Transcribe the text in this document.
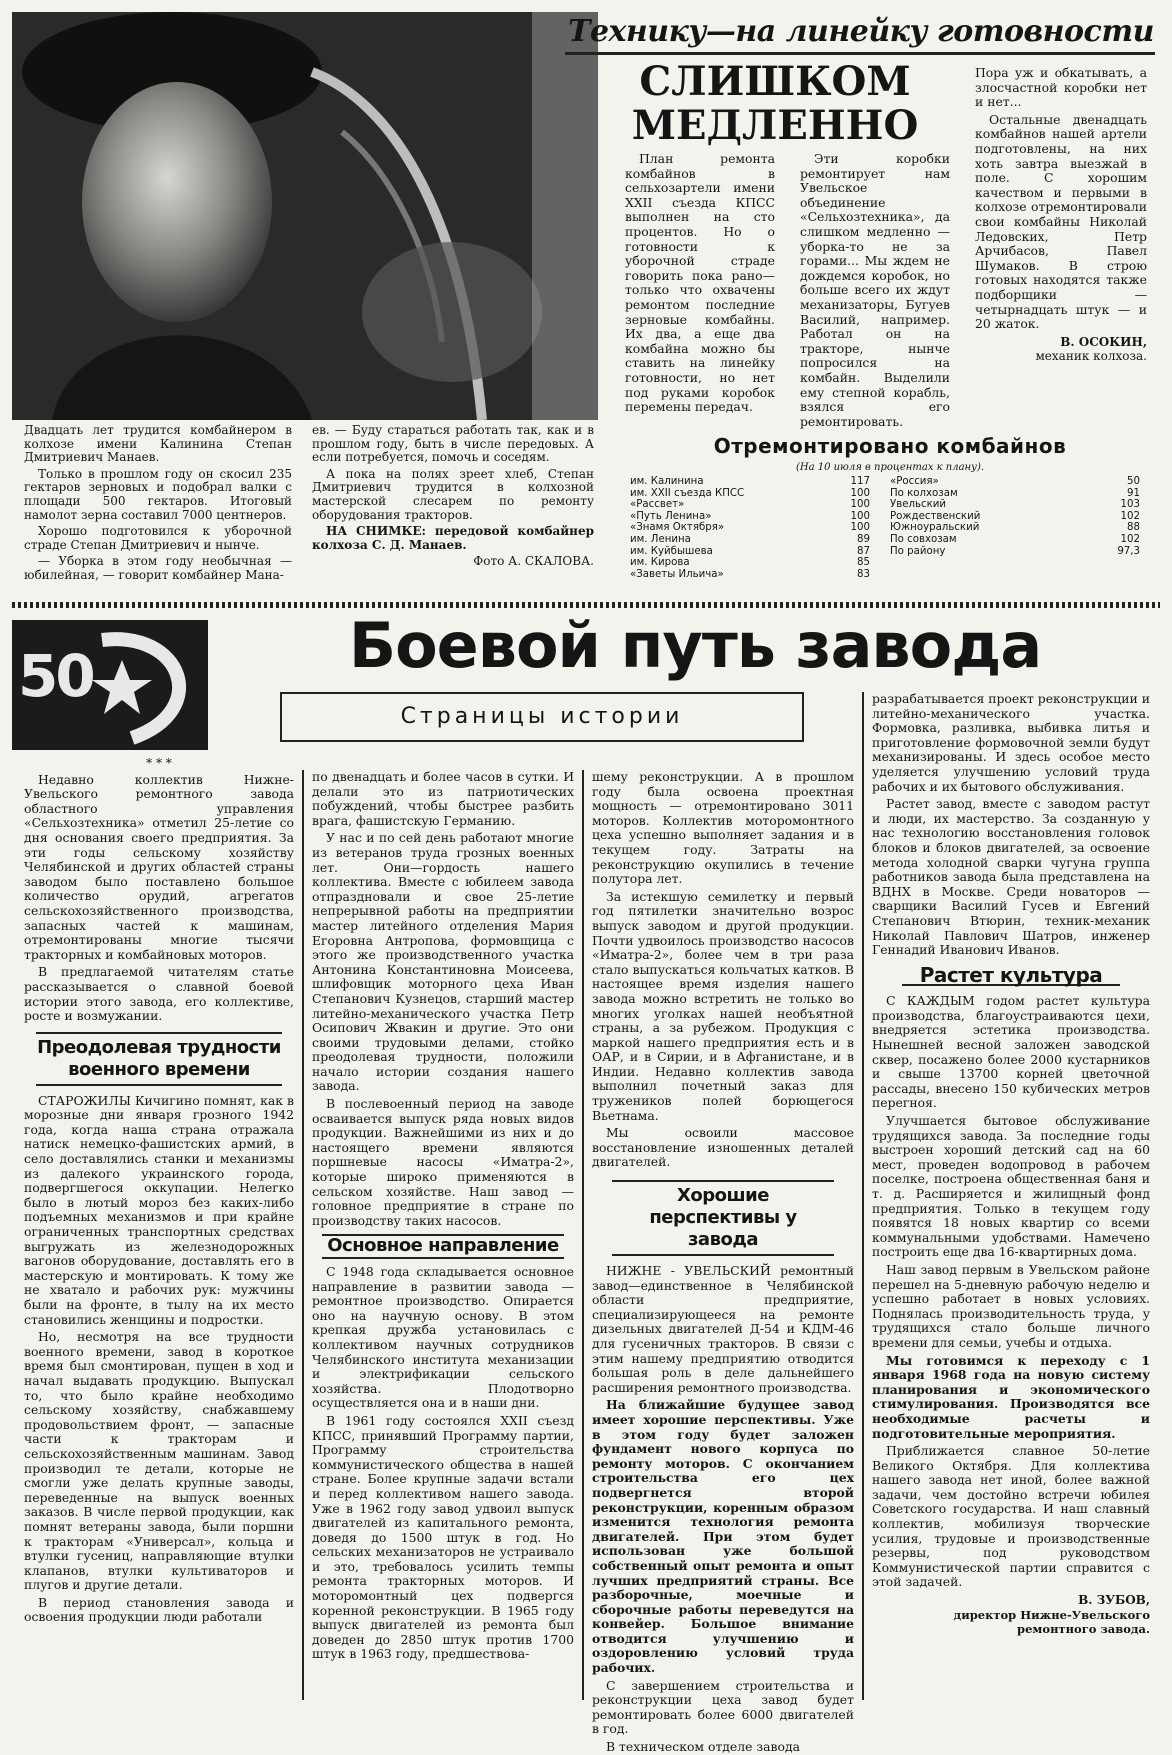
Технику—на линейку готовности
СЛИШКОМ МЕДЛЕННО

План ремонта комбайнов в сельхозартели имени XXII съезда КПСС выполнен на сто процентов. Но о готовности к уборочной страде говорить пока рано—только что охвачены ремонтом последние зерновые комбайны. Их два, а еще два комбайна можно бы ставить на линейку готовности, но нет под руками коробок перемены передач.

Эти коробки ремонтирует нам Увельское объединение «Сельхозтехника», да слишком медленно — уборка-то не за горами... Мы ждем не дождемся коробок, но больше всего их ждут механизаторы, Бугуев Василий, например. Работал он на тракторе, нынче попросился на комбайн. Выделили ему степной корабль, взялся его ремонтировать.

Пора уж и обкатывать, а злосчастной коробки нет и нет...

Остальные двенадцать комбайнов нашей артели подготовлены, на них хоть завтра выезжай в поле. С хорошим качеством и первыми в колхозе отремонтировали свои комбайны Николай Ледовских, Петр Арчибасов, Павел Шумаков. В строю готовых находятся также подборщики — четырнадцать штук — и 20 жаток.

В. ОСОКИН,
механик колхоза.

Двадцать лет трудится комбайнером в колхозе имени Калинина Степан Дмитриевич Манаев.

Только в прошлом году он скосил 235 гектаров зерновых и подобрал валки с площади 500 гектаров. Итоговый намолот зерна составил 7000 центнеров.

Хорошо подготовился к уборочной страде Степан Дмитриевич и нынче.

— Уборка в этом году необычная — юбилейная, — говорит комбайнер Мана-

ев. — Буду стараться работать так, как и в прошлом году, быть в числе передовых. А если потребуется, помочь и соседям.

А пока на полях зреет хлеб, Степан Дмитриевич трудится в колхозной мастерской слесарем по ремонту оборудования тракторов.

НА СНИМКЕ: передовой комбайнер колхоза С. Д. Манаев.

Фото А. СКАЛОВА.
Отремонтировано комбайнов
(На 10 июля в процентах к плану).
им. Калинина	117
им. XXII съезда КПСС	100
«Рассвет»	100
«Путь Ленина»	100
«Знамя Октября»	100
им. Ленина	89
им. Куйбышева	87
им. Кирова	85
«Заветы Ильича»	83
«Россия»	50
По колхозам	91
Увельский	103
Рождественский	102
Южноуральский	88
По совхозам	102
По району	97,3
50	Боевой путь завода
Страницы истории
* * *

Недавно коллектив Нижне-Увельского ремонтного завода областного управления «Сельхозтехника» отметил 25-летие со дня основания своего предприятия. За эти годы сельскому хозяйству Челябинской и других областей страны заводом было поставлено большое количество орудий, агрегатов сельскохозяйственного производства, запасных частей к машинам, отремонтированы многие тысячи тракторных и комбайновых моторов.

В предлагаемой читателям статье рассказывается о славной боевой истории этого завода, его коллективе, росте и возмужании.

Преодолевая трудности военного времени

СТАРОЖИЛЫ Кичигино помнят, как в морозные дни января грозного 1942 года, когда наша страна отражала натиск немецко-фашистских армий, в село доставлялись станки и механизмы из далекого украинского города, подвергшегося оккупации. Нелегко было в лютый мороз без каких-либо подъемных механизмов и при крайне ограниченных транспортных средствах выгружать из железнодорожных вагонов оборудование, доставлять его в мастерскую и монтировать. К тому же не хватало и рабочих рук: мужчины были на фронте, в тылу на их место становились женщины и подростки.

Но, несмотря на все трудности военного времени, завод в короткое время был смонтирован, пущен в ход и начал выдавать продукцию. Выпускал то, что было крайне необходимо сельскому хозяйству, снабжавшему продовольствием фронт, — запасные части к тракторам и сельскохозяйственным машинам. Завод производил те детали, которые не смогли уже делать крупные заводы, переведенные на выпуск военных заказов. В числе первой продукции, как помнят ветераны завода, были поршни к тракторам «Универсал», кольца и втулки гусениц, направляющие втулки клапанов, втулки культиваторов и плугов и другие детали.

В период становления завода и освоения продукции люди работали

по двенадцать и более часов в сутки. И делали это из патриотических побуждений, чтобы быстрее разбить врага, фашистскую Германию.

У нас и по сей день работают многие из ветеранов труда грозных военных лет. Они—гордость нашего коллектива. Вместе с юбилеем завода отпраздновали и свое 25-летие непрерывной работы на предприятии мастер литейного отделения Мария Егоровна Антропова, формовщица с этого же производственного участка Антонина Константиновна Моисеева, шлифовщик моторного цеха Иван Степанович Кузнецов, старший мастер литейно-механического участка Петр Осипович Жвакин и другие. Это они своими трудовыми делами, стойко преодолевая трудности, положили начало истории создания нашего завода.

В послевоенный период на заводе осваивается выпуск ряда новых видов продукции. Важнейшими из них и до настоящего времени являются поршневые насосы «Иматра-2», которые широко применяются в сельском хозяйстве. Наш завод — головное предприятие в стране по производству таких насосов.

Основное направление

С 1948 года складывается основное направление в развитии завода — ремонтное производство. Опирается оно на научную основу. В этом крепкая дружба установилась с коллективом научных сотрудников Челябинского института механизации и электрификации сельского хозяйства. Плодотворно осуществляется она и в наши дни.

В 1961 году состоялся XXII съезд КПСС, принявший Программу партии, Программу строительства коммунистического общества в нашей стране. Более крупные задачи встали и перед коллективом нашего завода. Уже в 1962 году завод удвоил выпуск двигателей из капитального ремонта, доведя до 1500 штук в год. Но сельских механизаторов не устраивало и это, требовалось усилить темпы ремонта тракторных моторов. И моторомонтный цех подвергся коренной реконструкции. В 1965 году выпуск двигателей из ремонта был доведен до 2850 штук против 1700 штук в 1963 году, предшествова-

шему реконструкции. А в прошлом году была освоена проектная мощность — отремонтировано 3011 моторов. Коллектив моторомонтного цеха успешно выполняет задания и в текущем году. Затраты на реконструкцию окупились в течение полутора лет.

За истекшую семилетку и первый год пятилетки значительно возрос выпуск заводом и другой продукции. Почти удвоилось производство насосов «Иматра-2», более чем в три раза стало выпускаться кольчатых катков. В настоящее время изделия нашего завода можно встретить не только во многих уголках нашей необъятной страны, а за рубежом. Продукция с маркой нашего предприятия есть и в ОАР, и в Сирии, и в Афганистане, и в Индии. Недавно коллектив завода выполнил почетный заказ для тружеников полей борющегося Вьетнама.

Мы освоили массовое восстановление изношенных деталей двигателей.

Хорошие перспективы у завода

НИЖНЕ - УВЕЛЬСКИЙ ремонтный завод—единственное в Челябинской области предприятие, специализирующееся на ремонте дизельных двигателей Д-54 и КДМ-46 для гусеничных тракторов. В связи с этим нашему предприятию отводится большая роль в деле дальнейшего расширения ремонтного производства.

На ближайшие будущее завод имеет хорошие перспективы. Уже в этом году будет заложен фундамент нового корпуса по ремонту моторов. С окончанием строительства его цех подвергнется второй реконструкции, коренным образом изменится технология ремонта двигателей. При этом будет использован уже большой собственный опыт ремонта и опыт лучших предприятий страны. Все разборочные, моечные и сборочные работы переведутся на конвейер. Большое внимание отводится улучшению и оздоровлению условий труда рабочих.

С завершением строительства и реконструкции цеха завод будет ремонтировать более 6000 двигателей в год.

В техническом отделе завода

разрабатывается проект реконструкции и литейно-механического участка. Формовка, разливка, выбивка литья и приготовление формовочной земли будут механизированы. И здесь особое место уделяется улучшению условий труда рабочих и их бытового обслуживания.

Растет завод, вместе с заводом растут и люди, их мастерство. За созданную у нас технологию восстановления головок блоков и блоков двигателей, за освоение метода холодной сварки чугуна группа работников завода была представлена на ВДНХ в Москве. Среди новаторов — сварщики Василий Гусев и Евгений Степанович Втюрин, техник-механик Николай Павлович Шатров, инженер Геннадий Иванович Иванов.

Растет культура

С КАЖДЫМ годом растет культура производства, благоустраиваются цехи, внедряется эстетика производства. Нынешней весной заложен заводской сквер, посажено более 2000 кустарников и свыше 13700 корней цветочной рассады, внесено 150 кубических метров перегноя.

Улучшается бытовое обслуживание трудящихся завода. За последние годы выстроен хороший детский сад на 60 мест, проведен водопровод в рабочем поселке, построена общественная баня и т. д. Расширяется и жилищный фонд предприятия. Только в текущем году появятся 18 новых квартир со всеми коммунальными удобствами. Намечено построить еще два 16-квартирных дома.

Наш завод первым в Увельском районе перешел на 5-дневную рабочую неделю и успешно работает в новых условиях. Поднялась производительность труда, у трудящихся стало больше личного времени для семьи, учебы и отдыха.

Мы готовимся к переходу с 1 января 1968 года на новую систему планирования и экономического стимулирования. Производятся все необходимые расчеты и подготовительные мероприятия.

Приближается славное 50-летие Великого Октября. Для коллектива нашего завода нет иной, более важной задачи, чем достойно встречи юбилея Советского государства. И наш славный коллектив, мобилизуя творческие усилия, трудовые и производственные резервы, под руководством Коммунистической партии справится с этой задачей.

В. ЗУБОВ,
директор Нижне-Увельского ремонтного завода.
